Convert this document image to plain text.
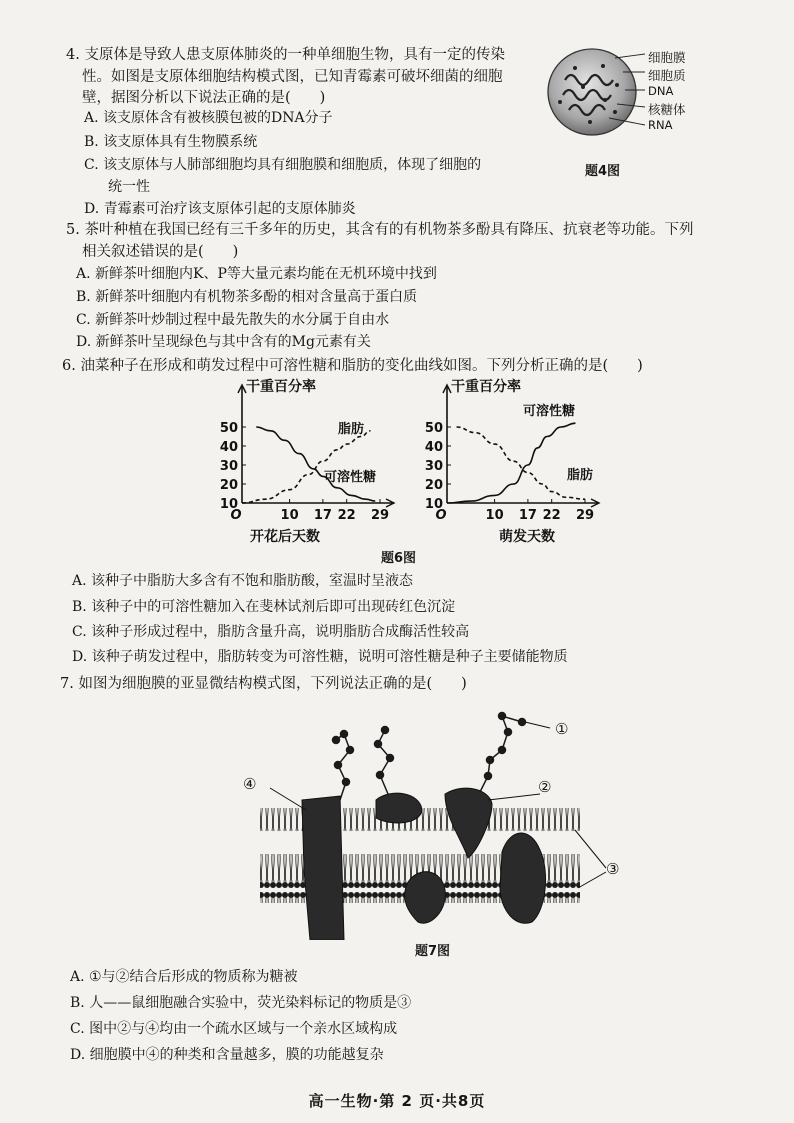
4. 支原体是导致人患支原体肺炎的一种单细胞生物，具有一定的传染
性。如图是支原体细胞结构模式图，已知青霉素可破坏细菌的细胞
壁，据图分析以下说法正确的是(　　)
A. 该支原体含有被核膜包被的DNA分子
B. 该支原体具有生物膜系统
C. 该支原体与人肺部细胞均具有细胞膜和细胞质，体现了细胞的
统一性
D. 青霉素可治疗该支原体引起的支原体肺炎
细胞膜
细胞质
DNA
核糖体
RNA
题4图
5. 茶叶种植在我国已经有三千多年的历史，其含有的有机物茶多酚具有降压、抗衰老等功能。下列
相关叙述错误的是(　　)
A. 新鲜茶叶细胞内K、P等大量元素均能在无机环境中找到
B. 新鲜茶叶细胞内有机物茶多酚的相对含量高于蛋白质
C. 新鲜茶叶炒制过程中最先散失的水分属于自由水
D. 新鲜茶叶呈现绿色与其中含有的Mg元素有关
6. 油菜种子在形成和萌发过程中可溶性糖和脂肪的变化曲线如图。下列分析正确的是(　　)
干重百分率
10
20
30
40
50
O	10 17 22 29
开花后天数
脂肪
可溶性糖
干重百分率
10
20
30
40
50
O	10 17 22 29
萌发天数
可溶性糖
脂肪
题6图
A. 该种子中脂肪大多含有不饱和脂肪酸，室温时呈液态
B. 该种子中的可溶性糖加入在斐林试剂后即可出现砖红色沉淀
C. 该种子形成过程中，脂肪含量升高，说明脂肪合成酶活性较高
D. 该种子萌发过程中，脂肪转变为可溶性糖，说明可溶性糖是种子主要储能物质
7. 如图为细胞膜的亚显微结构模式图，下列说法正确的是(　　)
①
②
③
④
题7图
A. ①与②结合后形成的物质称为糖被
B. 人——鼠细胞融合实验中，荧光染料标记的物质是③
C. 图中②与④均由一个疏水区域与一个亲水区域构成
D. 细胞膜中④的种类和含量越多，膜的功能越复杂
高一生物·第 2 页·共8页
